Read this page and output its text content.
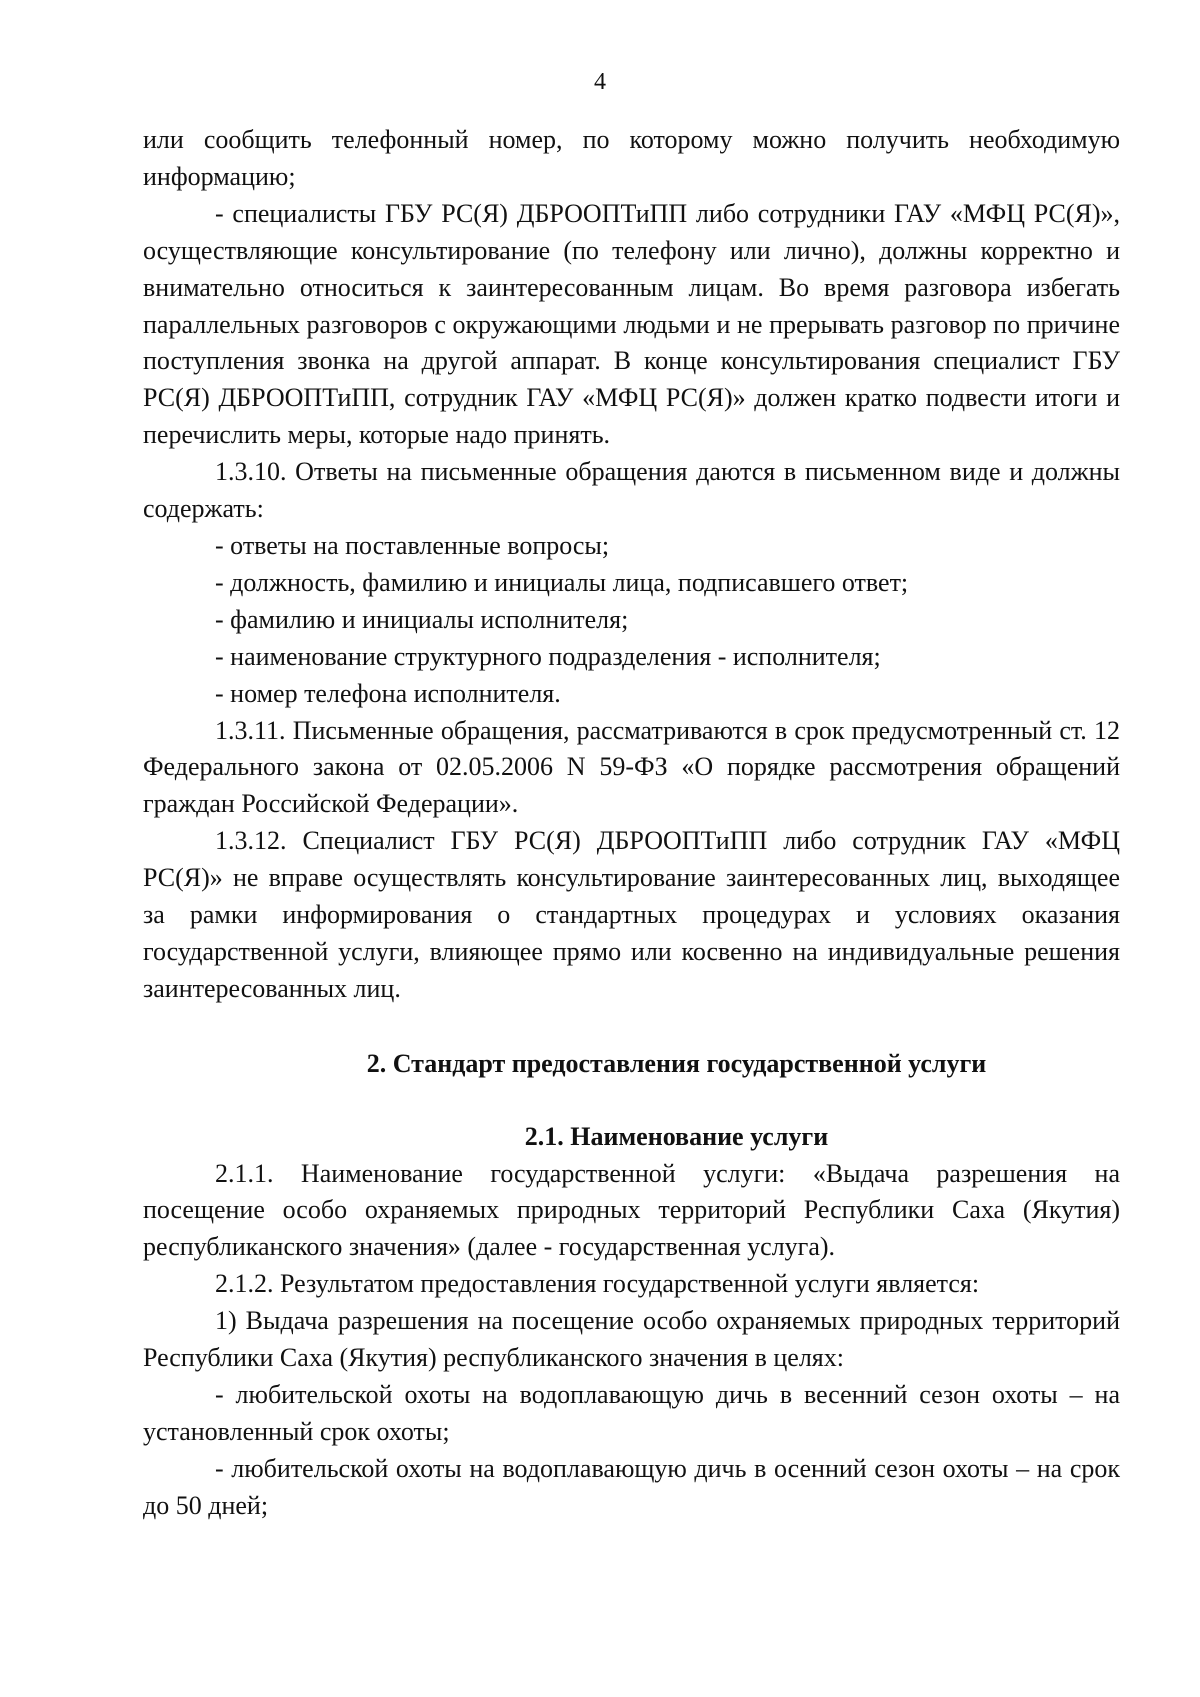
4

или сообщить телефонный номер, по которому можно получить необходимую информацию;

- специалисты ГБУ РС(Я) ДБРООПТиПП либо сотрудники ГАУ «МФЦ РС(Я)», осуществляющие консультирование (по телефону или лично), должны корректно и внимательно относиться к заинтересованным лицам. Во время разговора избегать параллельных разговоров с окружающими людьми и не прерывать разговор по причине поступления звонка на другой аппарат. В конце консультирования специалист ГБУ РС(Я) ДБРООПТиПП, сотрудник ГАУ «МФЦ РС(Я)» должен кратко подвести итоги и перечислить меры, которые надо принять.

1.3.10. Ответы на письменные обращения даются в письменном виде и должны содержать:

- ответы на поставленные вопросы;

- должность, фамилию и инициалы лица, подписавшего ответ;

- фамилию и инициалы исполнителя;

- наименование структурного подразделения - исполнителя;

- номер телефона исполнителя.

1.3.11. Письменные обращения, рассматриваются в срок предусмотренный ст. 12 Федерального закона от 02.05.2006 N 59-ФЗ «О порядке рассмотрения обращений граждан Российской Федерации».

1.3.12. Специалист ГБУ РС(Я) ДБРООПТиПП либо сотрудник ГАУ «МФЦ РС(Я)» не вправе осуществлять консультирование заинтересованных лиц, выходящее за рамки информирования о стандартных процедурах и условиях оказания государственной услуги, влияющее прямо или косвенно на индивидуальные решения заинтересованных лиц.

2. Стандарт предоставления государственной услуги
2.1. Наименование услуги

2.1.1. Наименование государственной услуги: «Выдача разрешения на посещение особо охраняемых природных территорий Республики Саха (Якутия) республиканского значения» (далее - государственная услуга).

2.1.2. Результатом предоставления государственной услуги является:

1) Выдача разрешения на посещение особо охраняемых природных территорий Республики Саха (Якутия) республиканского значения в целях:

- любительской охоты на водоплавающую дичь в весенний сезон охоты – на установленный срок охоты;

- любительской охоты на водоплавающую дичь в осенний сезон охоты – на срок до 50 дней;
